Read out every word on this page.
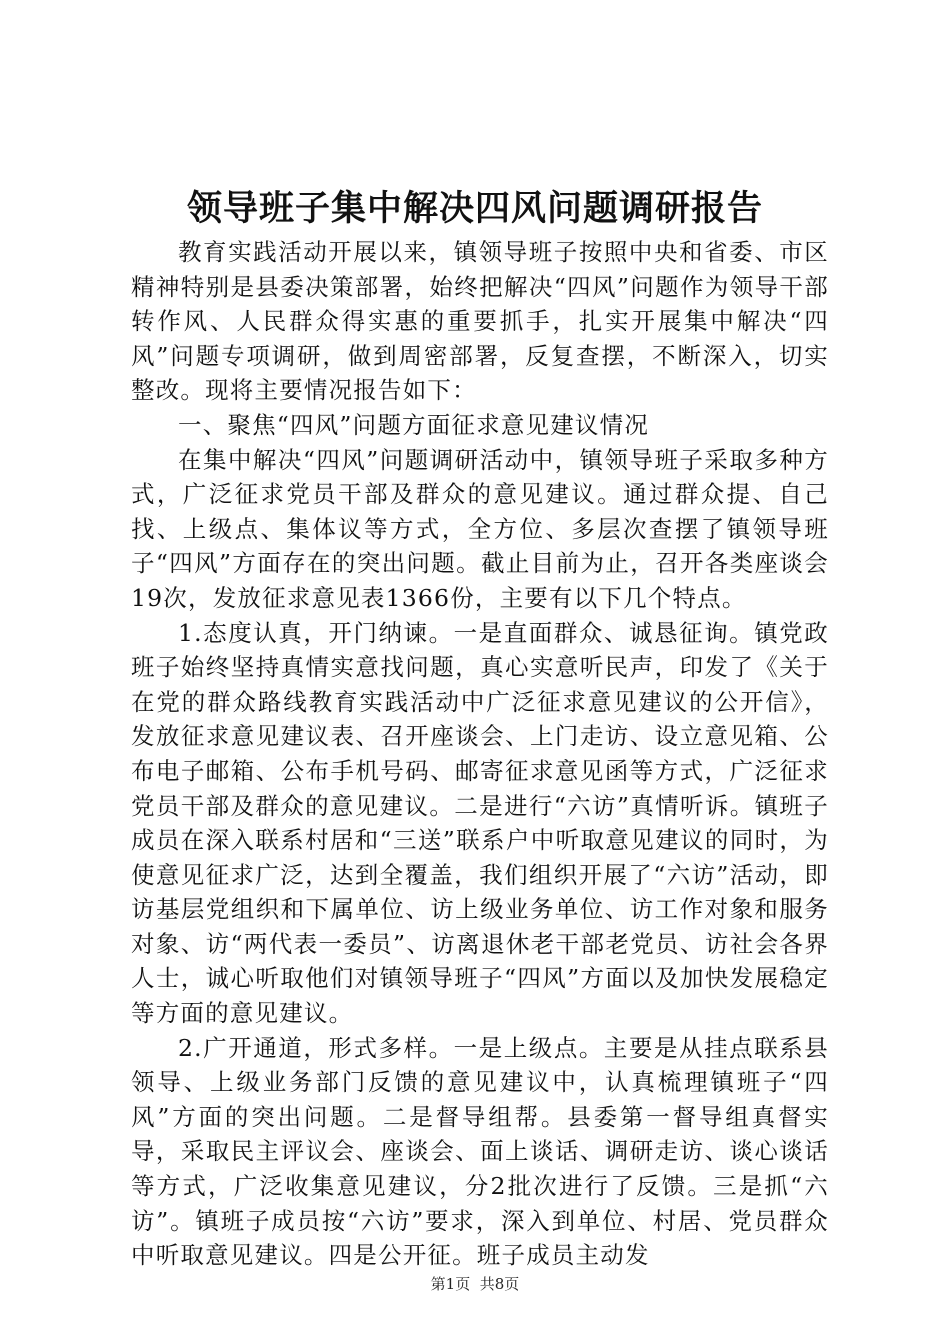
领导班子集中解决四风问题调研报告

教育实践活动开展以来，镇领导班子按照中央和省委、市区精神特别是县委决策部署，始终把解决“四风”问题作为领导干部转作风、人民群众得实惠的重要抓手，扎实开展集中解决“四风”问题专项调研，做到周密部署，反复查摆，不断深入，切实整改。现将主要情况报告如下：

一、聚焦“四风”问题方面征求意见建议情况

在集中解决“四风”问题调研活动中，镇领导班子采取多种方式，广泛征求党员干部及群众的意见建议。通过群众提、自己找、上级点、集体议等方式，全方位、多层次查摆了镇领导班子“四风”方面存在的突出问题。截止目前为止，召开各类座谈会19次，发放征求意见表1366份，主要有以下几个特点。

1.态度认真，开门纳谏。一是直面群众、诚恳征询。镇党政班子始终坚持真情实意找问题，真心实意听民声，印发了《关于在党的群众路线教育实践活动中广泛征求意见建议的公开信》，发放征求意见建议表、召开座谈会、上门走访、设立意见箱、公布电子邮箱、公布手机号码、邮寄征求意见函等方式，广泛征求党员干部及群众的意见建议。二是进行“六访”真情听诉。镇班子成员在深入联系村居和“三送”联系户中听取意见建议的同时，为使意见征求广泛，达到全覆盖，我们组织开展了“六访”活动，即访基层党组织和下属单位、访上级业务单位、访工作对象和服务对象、访“两代表一委员”、访离退休老干部老党员、访社会各界人士，诚心听取他们对镇领导班子“四风”方面以及加快发展稳定等方面的意见建议。

2.广开通道，形式多样。一是上级点。主要是从挂点联系县领导、上级业务部门反馈的意见建议中，认真梳理镇班子“四风”方面的突出问题。二是督导组帮。县委第一督导组真督实导，采取民主评议会、座谈会、面上谈话、调研走访、谈心谈话等方式，广泛收集意见建议，分2批次进行了反馈。三是抓“六访”。镇班子成员按“六访”要求，深入到单位、村居、党员群众中听取意见建议。四是公开征。班子成员主动发

第1页 共8页
